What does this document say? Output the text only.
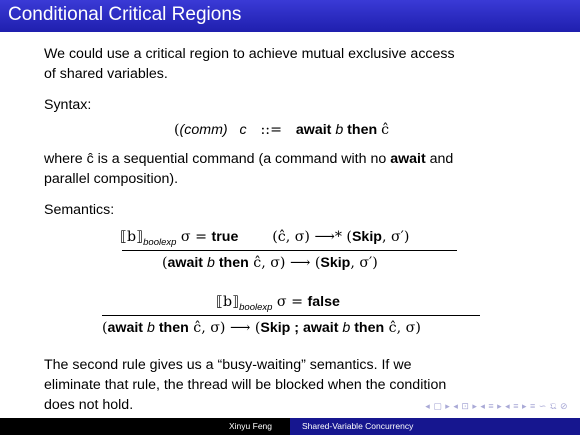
Conditional Critical Regions
We could use a critical region to achieve mutual exclusive access
of shared variables.
Syntax:
((comm) c ::= await b then ĉ
where ĉ is a sequential command (a command with no await and
parallel composition).
Semantics:
$⟦b⟧_{boolexp}$ σ = true (ĉ, σ) ⟶* (Skip, σ′)
(await b then ĉ, σ) ⟶ (Skip, σ′)
$⟦b⟧_{boolexp}$ σ = false
(await b then ĉ, σ) ⟶ (Skip ; await b then ĉ, σ)
The second rule gives us a “busy-waiting” semantics. If we
eliminate that rule, the thread will be blocked when the condition
does not hold.	◂ ▢ ▸ ◂ ⊡ ▸ ◂ ≡ ▸ ◂ ≡ ▸ ≡ ∽ 𝔔 ⊘
Xinyu Feng	Shared-Variable Concurrency
